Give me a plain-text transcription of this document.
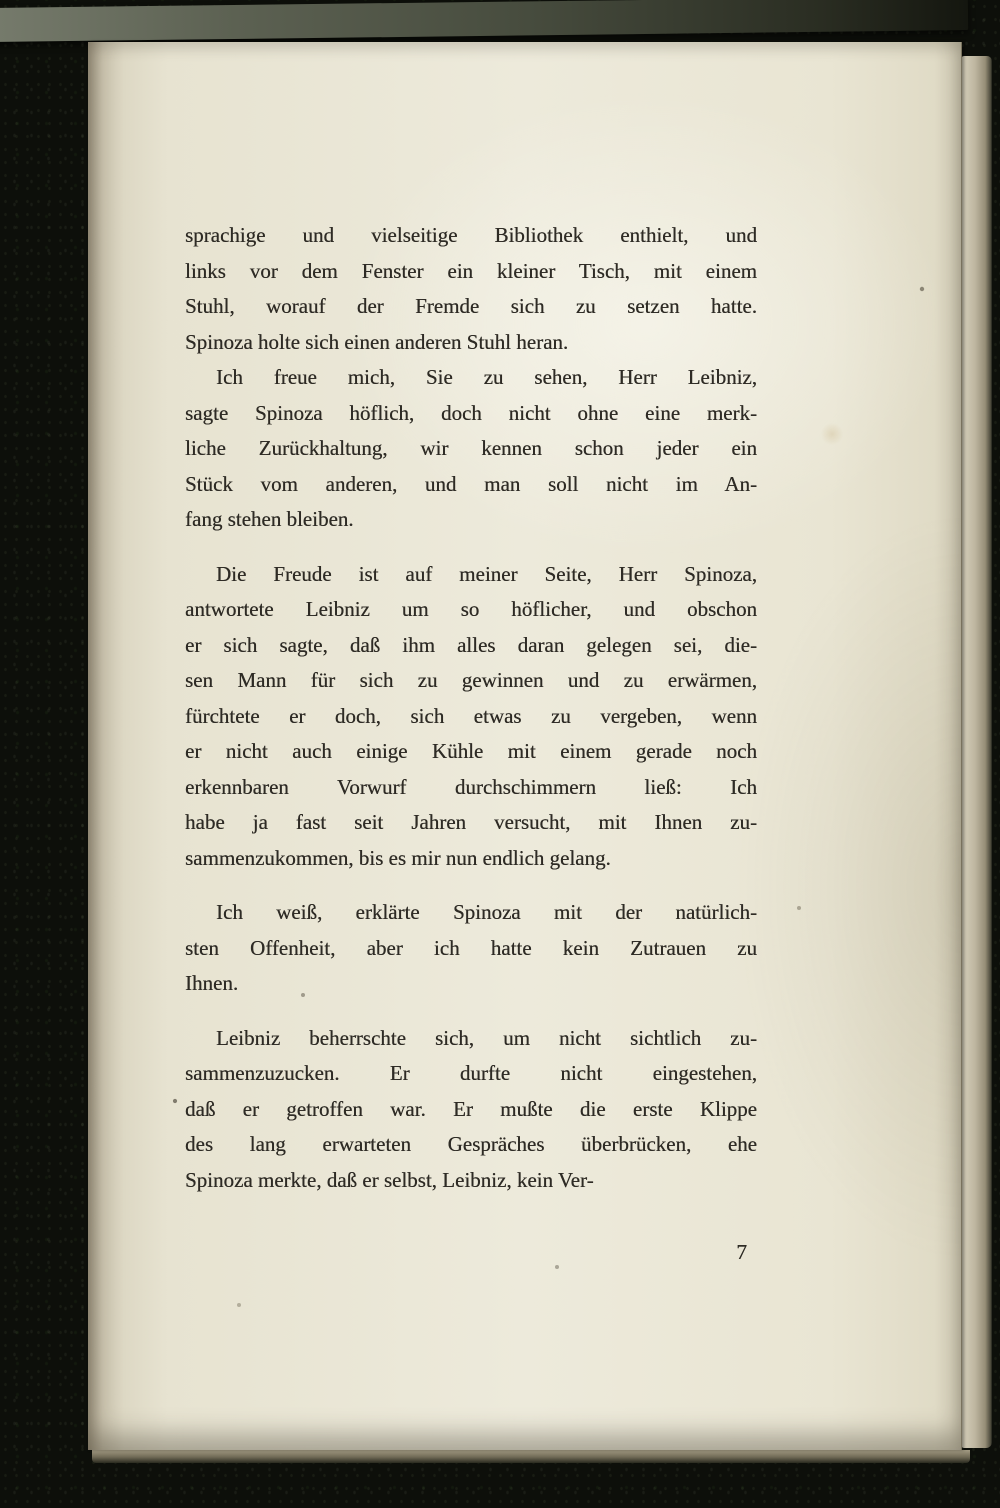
sprachige und vielseitige Bibliothek enthielt, und
links vor dem Fenster ein kleiner Tisch, mit einem
Stuhl, worauf der Fremde sich zu setzen hatte.
Spinoza holte sich einen anderen Stuhl heran.
Ich freue mich, Sie zu sehen, Herr Leibniz,
sagte Spinoza höflich, doch nicht ohne eine merk-
liche Zurückhaltung, wir kennen schon jeder ein
Stück vom anderen, und man soll nicht im An-
fang stehen bleiben.
Die Freude ist auf meiner Seite, Herr Spinoza,
antwortete Leibniz um so höflicher, und obschon
er sich sagte, daß ihm alles daran gelegen sei, die-
sen Mann für sich zu gewinnen und zu erwärmen,
fürchtete er doch, sich etwas zu vergeben, wenn
er nicht auch einige Kühle mit einem gerade noch
erkennbaren Vorwurf durchschimmern ließ: Ich
habe ja fast seit Jahren versucht, mit Ihnen zu-
sammenzukommen, bis es mir nun endlich gelang.
Ich weiß, erklärte Spinoza mit der natürlich-
sten Offenheit, aber ich hatte kein Zutrauen zu
Ihnen.
Leibniz beherrschte sich, um nicht sichtlich zu-
sammenzuzucken. Er durfte nicht eingestehen,
daß er getroffen war. Er mußte die erste Klippe
des lang erwarteten Gespräches überbrücken, ehe
Spinoza merkte, daß er selbst, Leibniz, kein Ver-
7
